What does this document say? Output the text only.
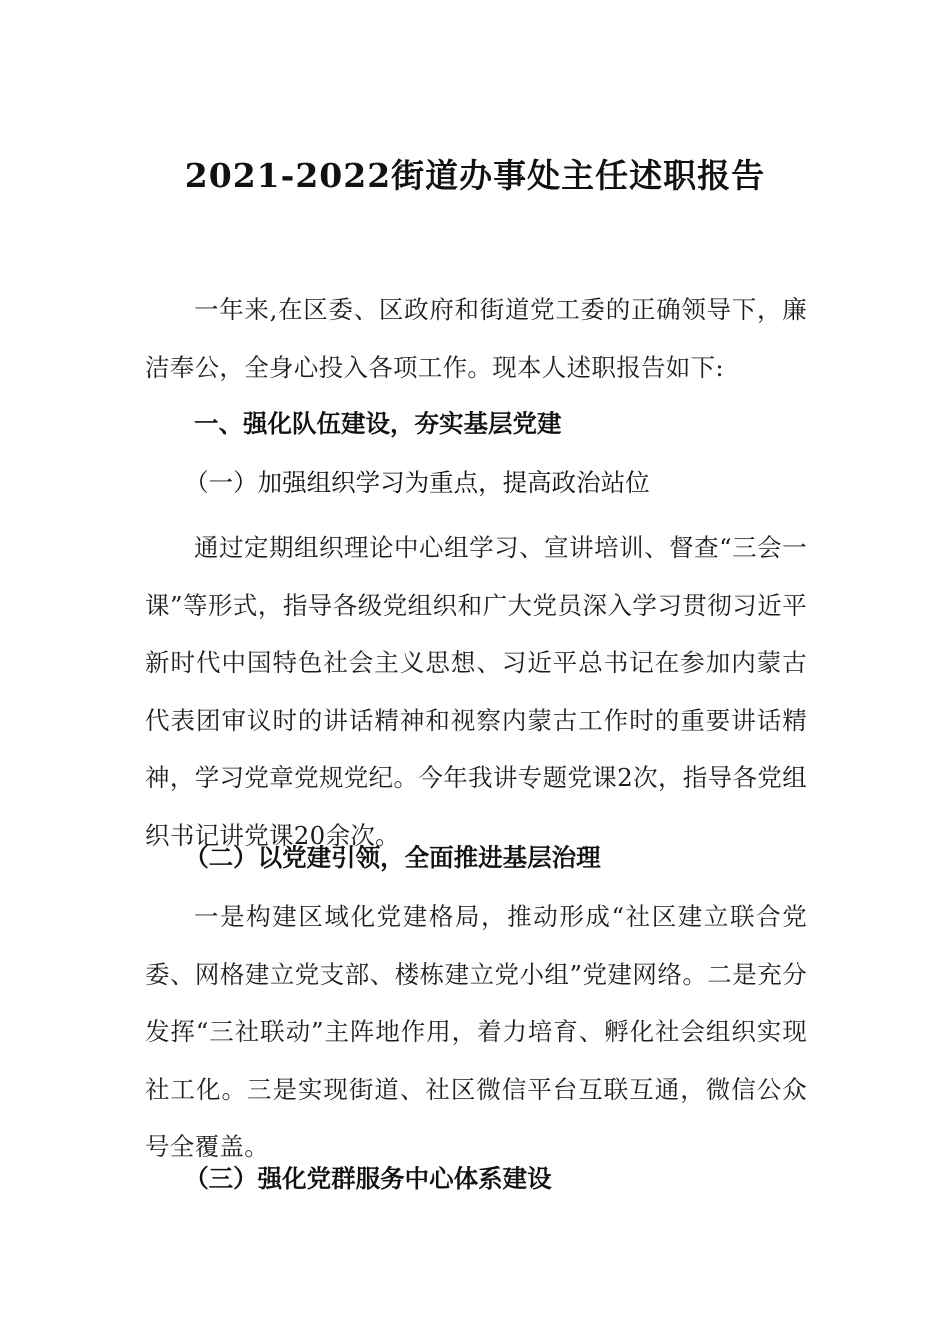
2021-2022街道办事处主任述职报告

一年来,在区委、区政府和街道党工委的正确领导下，廉洁奉公，全身心投入各项工作。现本人述职报告如下:

一、强化队伍建设，夯实基层党建

（一）加强组织学习为重点，提高政治站位

通过定期组织理论中心组学习、宣讲培训、督查“三会一课”等形式，指导各级党组织和广大党员深入学习贯彻习近平新时代中国特色社会主义思想、习近平总书记在参加内蒙古代表团审议时的讲话精神和视察内蒙古工作时的重要讲话精神，学习党章党规党纪。今年我讲专题党课2次，指导各党组织书记讲党课20余次。

（二）以党建引领，全面推进基层治理

一是构建区域化党建格局，推动形成“社区建立联合党委、网格建立党支部、楼栋建立党小组”党建网络。二是充分发挥“三社联动”主阵地作用，着力培育、孵化社会组织实现社工化。三是实现街道、社区微信平台互联互通，微信公众号全覆盖。

（三）强化党群服务中心体系建设
